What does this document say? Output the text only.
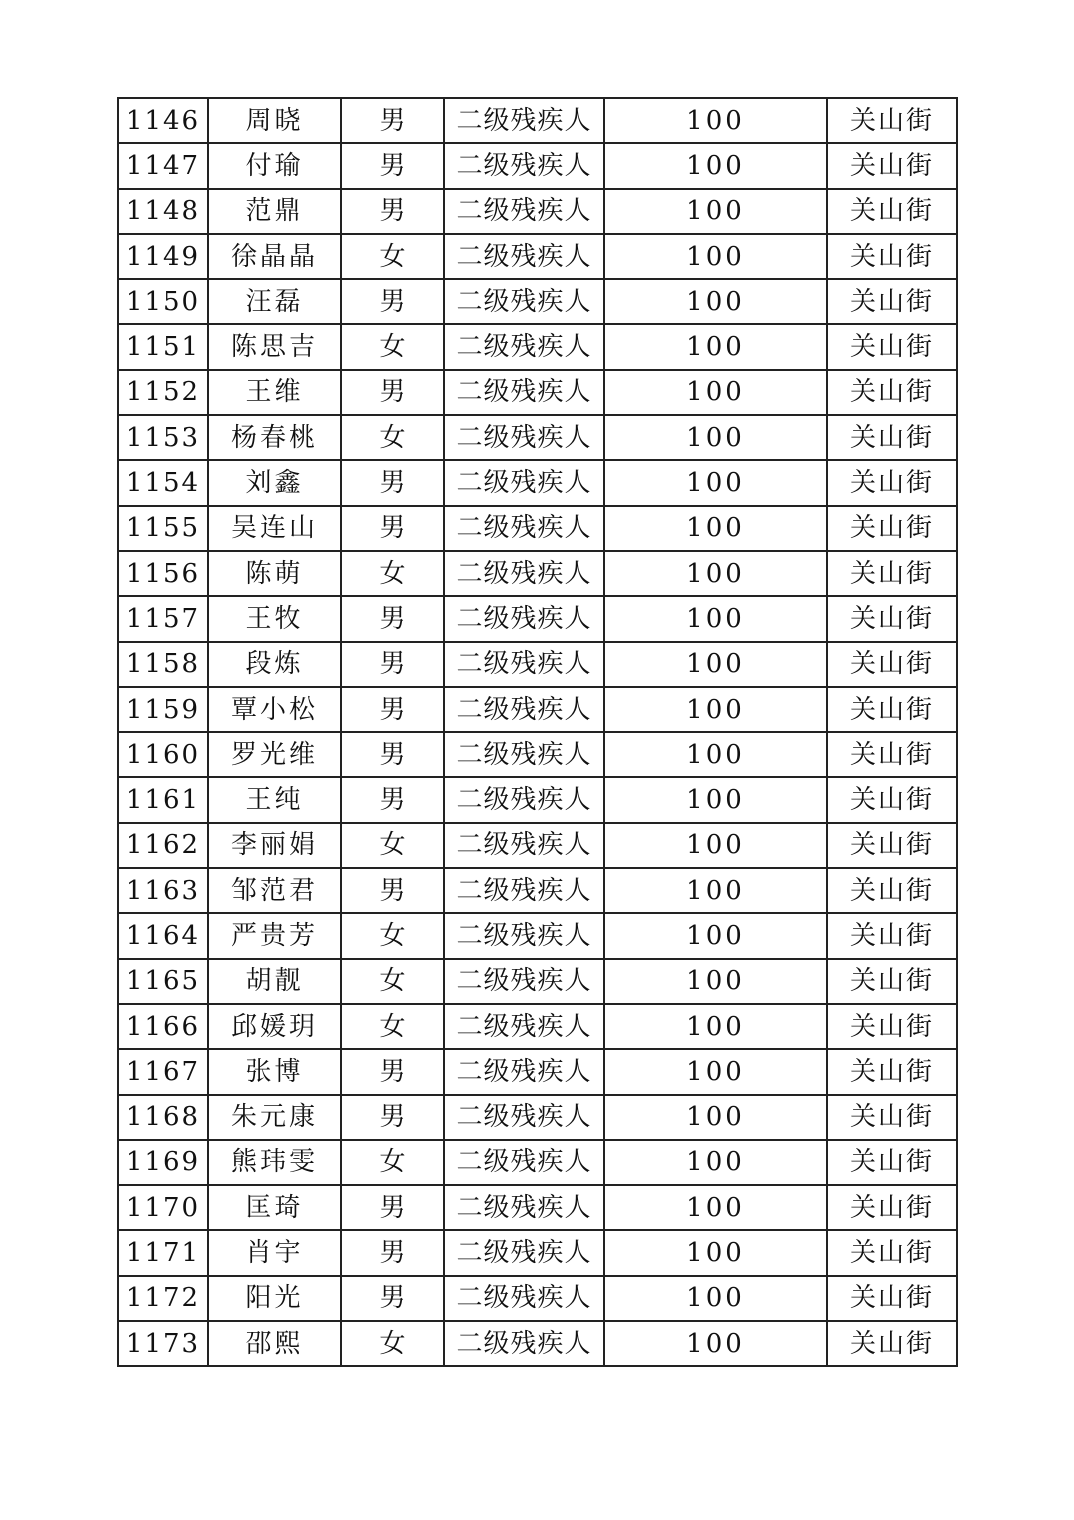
1146	周晓	男	二级残疾人	100	关山街
1147	付瑜	男	二级残疾人	100	关山街
1148	范鼎	男	二级残疾人	100	关山街
1149	徐晶晶	女	二级残疾人	100	关山街
1150	汪磊	男	二级残疾人	100	关山街
1151	陈思吉	女	二级残疾人	100	关山街
1152	王维	男	二级残疾人	100	关山街
1153	杨春桃	女	二级残疾人	100	关山街
1154	刘鑫	男	二级残疾人	100	关山街
1155	吴连山	男	二级残疾人	100	关山街
1156	陈萌	女	二级残疾人	100	关山街
1157	王牧	男	二级残疾人	100	关山街
1158	段炼	男	二级残疾人	100	关山街
1159	覃小松	男	二级残疾人	100	关山街
1160	罗光维	男	二级残疾人	100	关山街
1161	王纯	男	二级残疾人	100	关山街
1162	李丽娟	女	二级残疾人	100	关山街
1163	邹范君	男	二级残疾人	100	关山街
1164	严贵芳	女	二级残疾人	100	关山街
1165	胡靓	女	二级残疾人	100	关山街
1166	邱媛玥	女	二级残疾人	100	关山街
1167	张博	男	二级残疾人	100	关山街
1168	朱元康	男	二级残疾人	100	关山街
1169	熊玮雯	女	二级残疾人	100	关山街
1170	匡琦	男	二级残疾人	100	关山街
1171	肖宇	男	二级残疾人	100	关山街
1172	阳光	男	二级残疾人	100	关山街
1173	邵熙	女	二级残疾人	100	关山街
